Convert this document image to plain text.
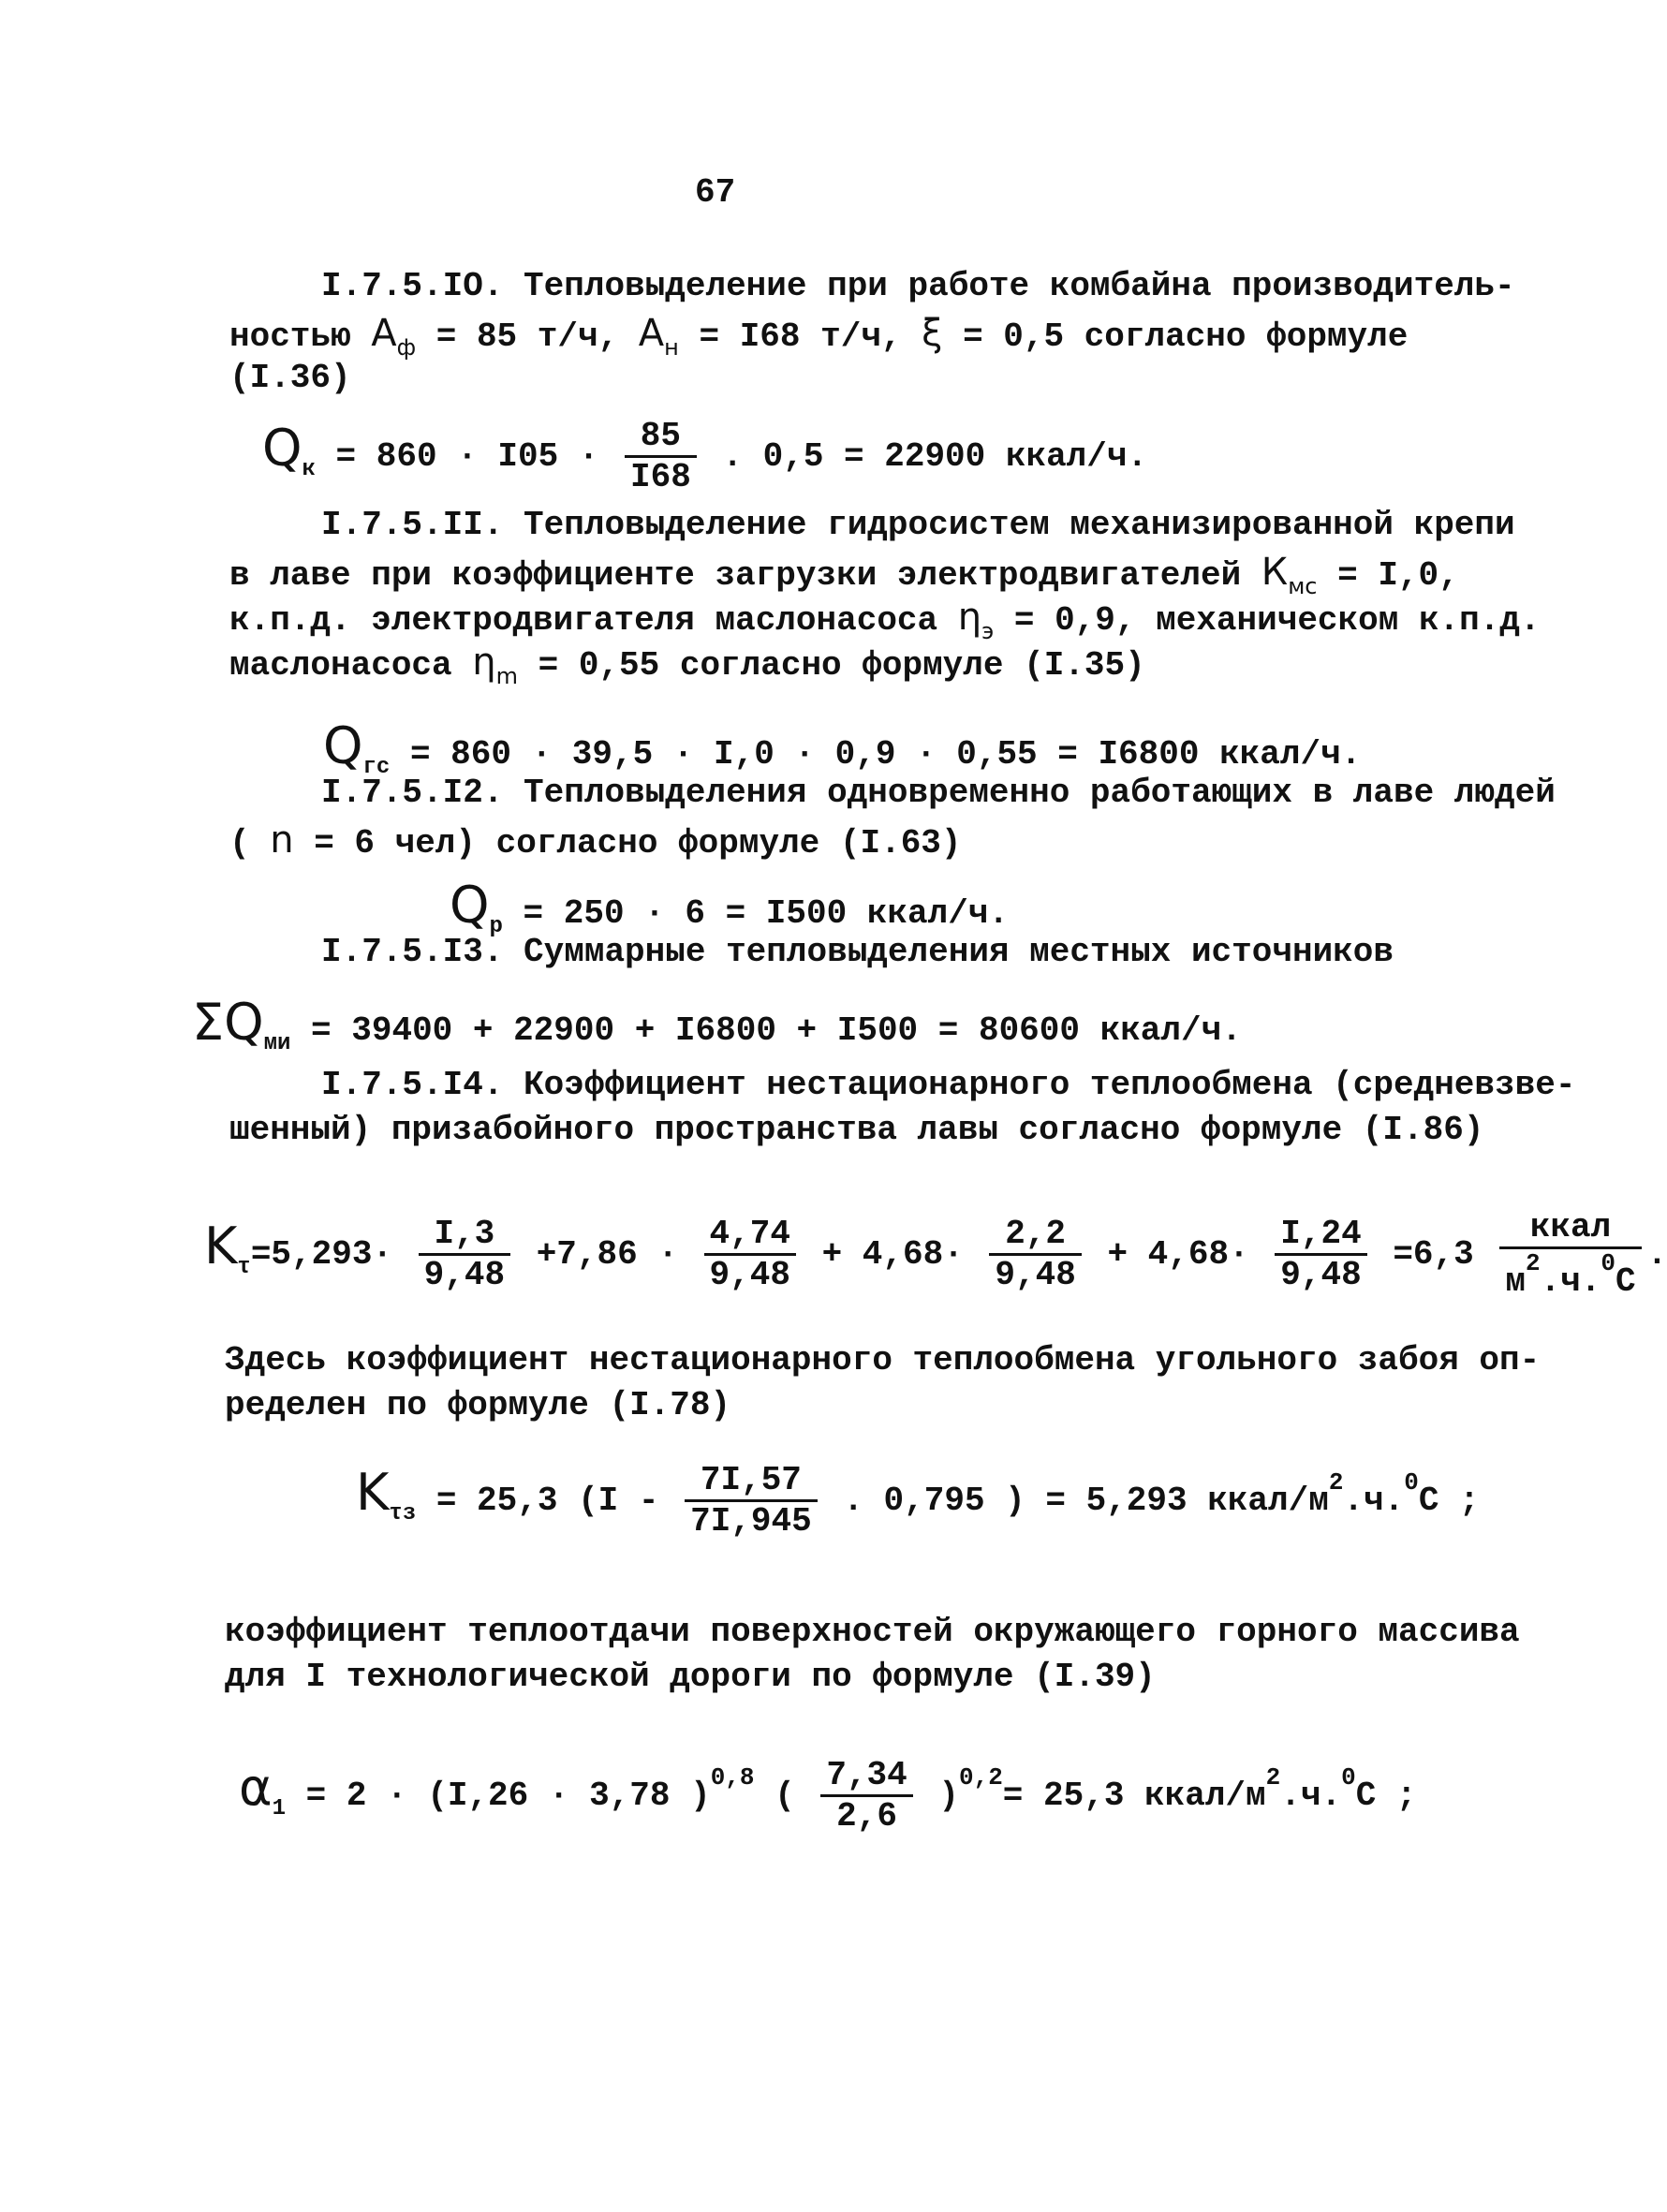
67
I.7.5.IO. Тепловыделение при работе комбайна производитель-
ностью $А_ф = 85$ т/ч, $А_н = I68$ т/ч, ξ = 0,5 согласно формуле
(I.36)
$Q_к = 860 \cdot I05 \cdot \frac{85}{I68}$ . 0,5 = 22900 ккал/ч.
I.7.5.II. Тепловыделение гидросистем механизированной крепи
в лаве при коэффициенте загрузки электродвигателей $К_{мс} = I,0$,
к.п.д. электродвигателя маслонасоса $\eta_э = 0,9$, механическом к.п.д.
маслонасоса $\eta_m = 0,55$ согласно формуле (I.35)
$Q_{гс} = 860 \cdot 39,5 \cdot I,0 \cdot 0,9 \cdot 0,55 = I6800$ ккал/ч.
I.7.5.I2. Тепловыделения одновременно работающих в лаве людей
( n = 6 чел) согласно формуле (I.63)
$Q_р = 250 \cdot 6 = I500$ ккал/ч.
I.7.5.I3. Суммарные тепловыделения местных источников
$\Sigma Q_{ми} = 39400 + 22900 + I6800 + I500 = 80600$ ккал/ч.
I.7.5.I4. Коэффициент нестационарного теплообмена (средневзве-
шенный) призабойного пространства лавы согласно формуле (I.86)
$K_\tau=5,293\cdot \frac{I,3}{9,48} +7,86 \cdot \frac{4,74}{9,48} + 4,68\cdot \frac{2,2}{9,48} + 4,68\cdot \frac{I,24}{9,48} =6,3 \frac{\text{ккал}}{м^2.ч.^0C}$ .
Здесь коэффициент нестационарного теплообмена угольного забоя оп-
ределен по формуле (I.78)
$K_{\tau з} = 25,3$ ($I - \frac{7I,57}{7I,945}$ . 0,795 ) = 5,293 ккал/$м^2.ч.^0C$ ;
коэффициент теплоотдачи поверхностей окружающего горного массива
для I технологической дороги по формуле (I.39)
$\alpha_1 = 2 \cdot (I,26 \cdot 3,78$ )$^{0,8}$ ( $\frac{7,34}{2,6} )^{0,2}= 25,3$ ккал/$м^2.ч.^0C$ ;
